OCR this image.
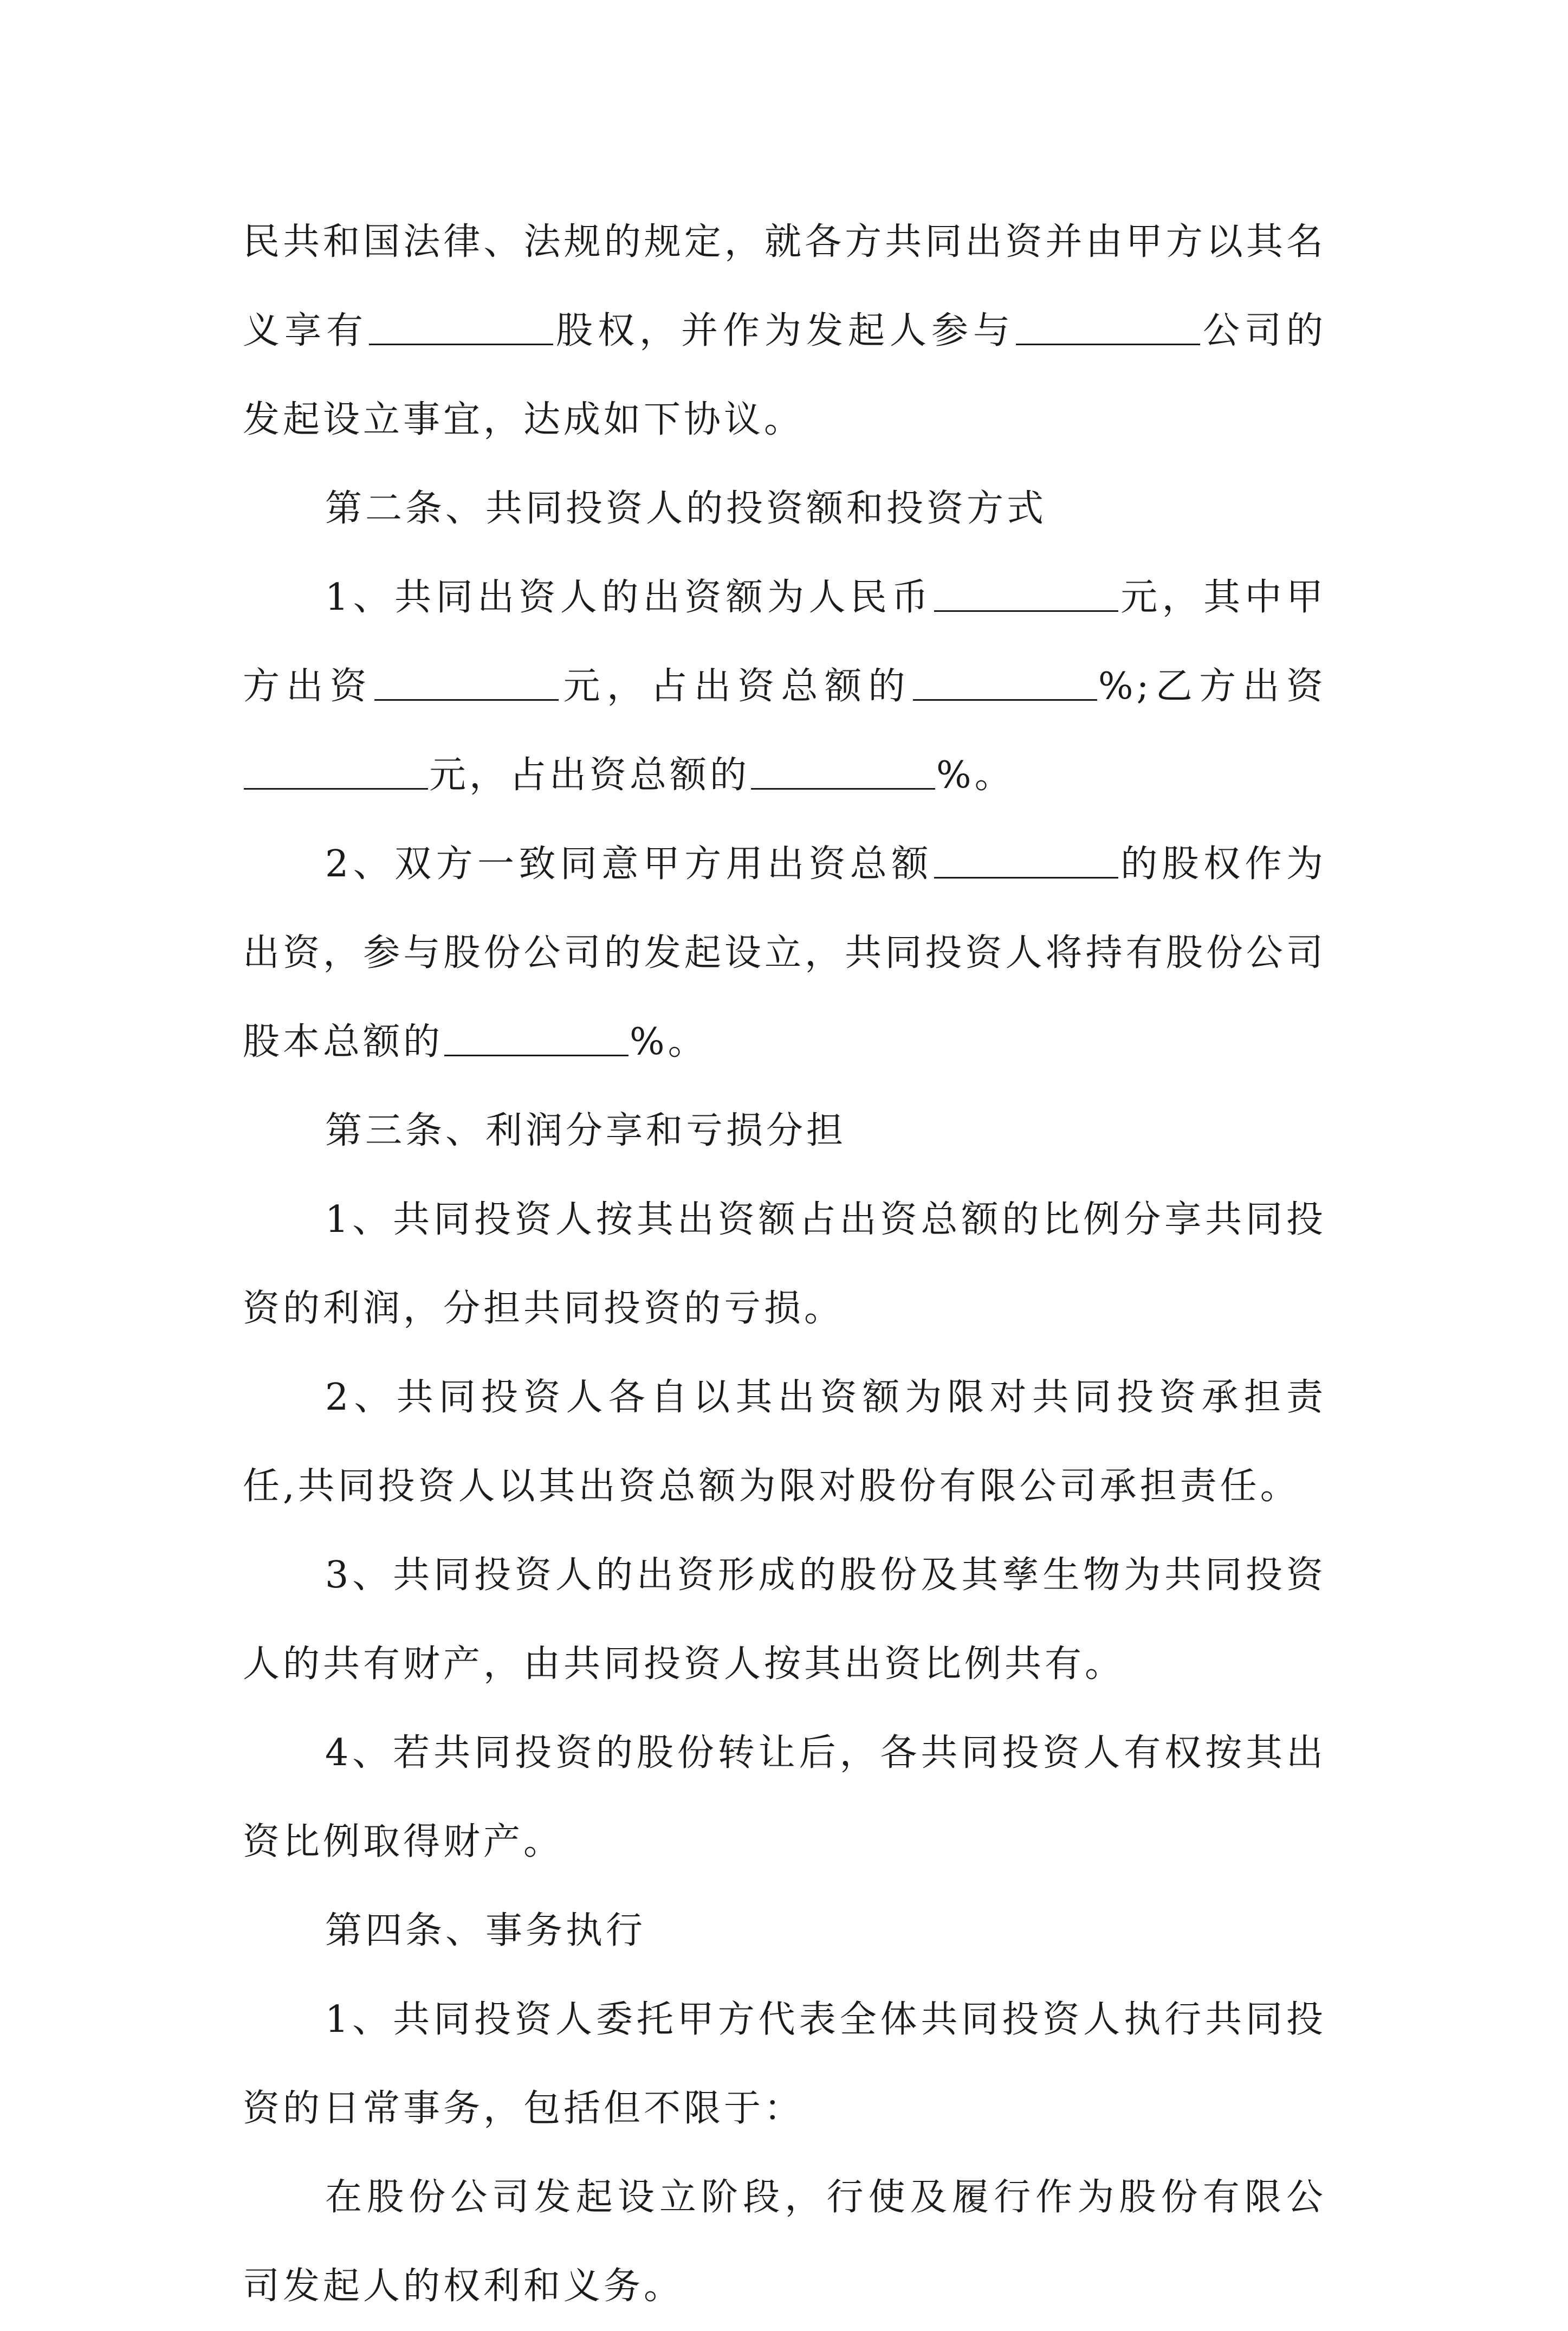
民共和国法律、法规的规定，就各方共同出资并由甲方以其名义享有	股权，并作为发起人参与	公司的发起设立事宜，达成如下协议。

第二条、共同投资人的投资额和投资方式

1、共同出资人的出资额为人民币	元，其中甲方出资	元，占出资总额的	%;乙方出资元，占出资总额的	%。

2、双方一致同意甲方用出资总额	的股权作为出资，参与股份公司的发起设立，共同投资人将持有股份公司股本总额的	%。

第三条、利润分享和亏损分担

1、共同投资人按其出资额占出资总额的比例分享共同投资的利润，分担共同投资的亏损。

2、共同投资人各自以其出资额为限对共同投资承担责任,共同投资人以其出资总额为限对股份有限公司承担责任。

3、共同投资人的出资形成的股份及其孳生物为共同投资人的共有财产，由共同投资人按其出资比例共有。

4、若共同投资的股份转让后，各共同投资人有权按其出资比例取得财产。

第四条、事务执行

1、共同投资人委托甲方代表全体共同投资人执行共同投资的日常事务，包括但不限于：

在股份公司发起设立阶段，行使及履行作为股份有限公司发起人的权利和义务。
